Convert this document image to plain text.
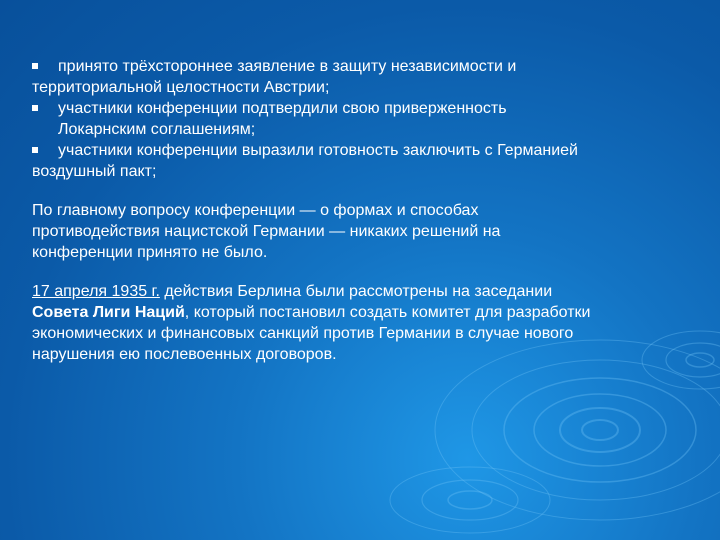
принято трёхстороннее заявление в защиту независимости и
территориальной целостности Австрии;
участники конференции подтвердили свою приверженность
Локарнским соглашениям;
участники конференции выразили готовность заключить с Германией
воздушный пакт;
По главному вопросу конференции — о формах и способах
противодействия нацистской Германии — никаких решений на
конференции принято не было.
17 апреля 1935 г. действия Берлина были рассмотрены на заседании
Совета Лиги Наций, который постановил создать комитет для разработки
экономических и финансовых санкций против Германии в случае нового
нарушения ею послевоенных договоров.
